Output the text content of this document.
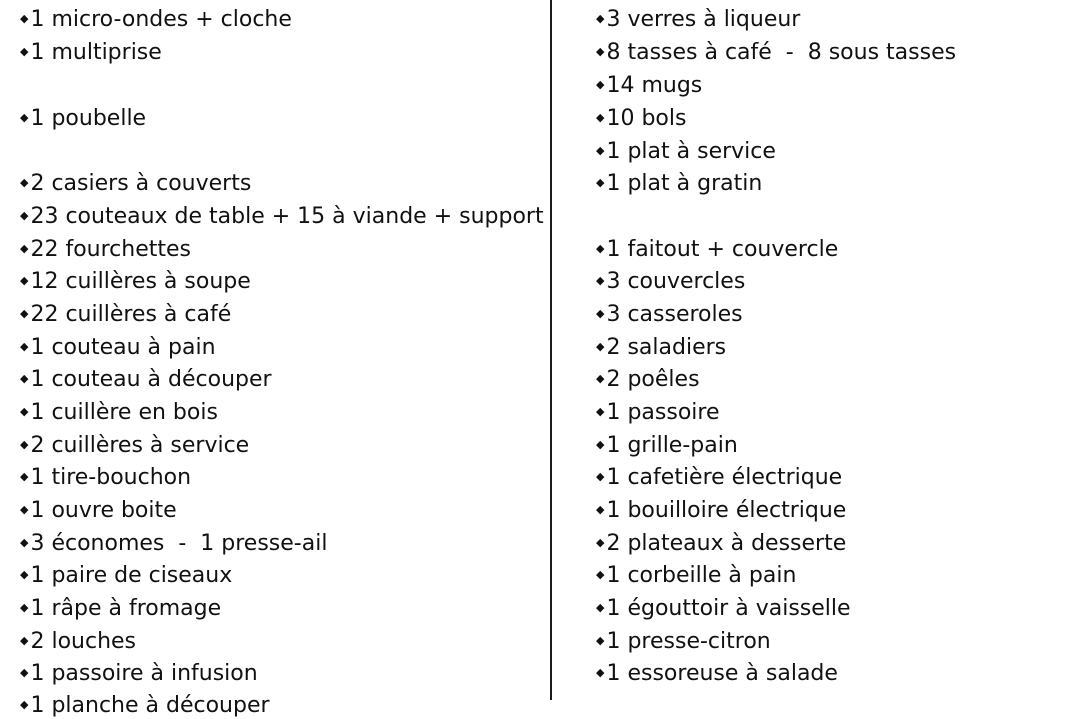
◆1 micro-ondes + cloche
◆1 multiprise
◆1 poubelle
◆2 casiers à couverts
◆23 couteaux de table + 15 à viande + support
◆22 fourchettes
◆12 cuillères à soupe
◆22 cuillères à café
◆1 couteau à pain
◆1 couteau à découper
◆1 cuillère en bois
◆2 cuillères à service
◆1 tire-bouchon
◆1 ouvre boite
◆3 économes  -  1 presse-ail
◆1 paire de ciseaux
◆1 râpe à fromage
◆2 louches
◆1 passoire à infusion
◆1 planche à découper
◆3 verres à liqueur
◆8 tasses à café  -  8 sous tasses
◆14 mugs
◆10 bols
◆1 plat à service
◆1 plat à gratin
◆1 faitout + couvercle
◆3 couvercles
◆3 casseroles
◆2 saladiers
◆2 poêles
◆1 passoire
◆1 grille-pain
◆1 cafetière électrique
◆1 bouilloire électrique
◆2 plateaux à desserte
◆1 corbeille à pain
◆1 égouttoir à vaisselle
◆1 presse-citron
◆1 essoreuse à salade
